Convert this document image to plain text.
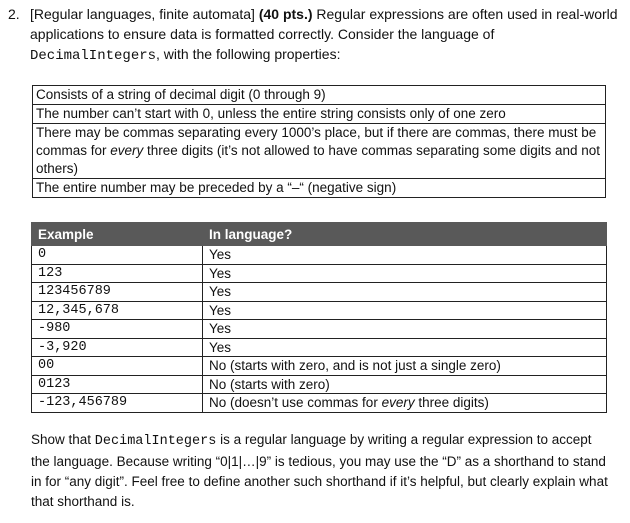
2. [Regular languages, finite automata] (40 pts.) Regular expressions are often used in real-world applications to ensure data is formatted correctly. Consider the language of DecimalIntegers, with the following properties:
Consists of a string of decimal digit (0 through 9)
The number can’t start with 0, unless the entire string consists only of one zero
There may be commas separating every 1000’s place, but if there are commas, there must be commas for every three digits (it’s not allowed to have commas separating some digits and not others)
The entire number may be preceded by a “–“ (negative sign)
Example	In language?
0	Yes
123	Yes
123456789	Yes
12,345,678	Yes
-980	Yes
-3,920	Yes
00	No (starts with zero, and is not just a single zero)
0123	No (starts with zero)
-123,456789	No (doesn’t use commas for every three digits)
Show that DecimalIntegers is a regular language by writing a regular expression to accept the language. Because writing “0|1|…|9” is tedious, you may use the “D” as a shorthand to stand in for “any digit”. Feel free to define another such shorthand if it’s helpful, but clearly explain what that shorthand is.
